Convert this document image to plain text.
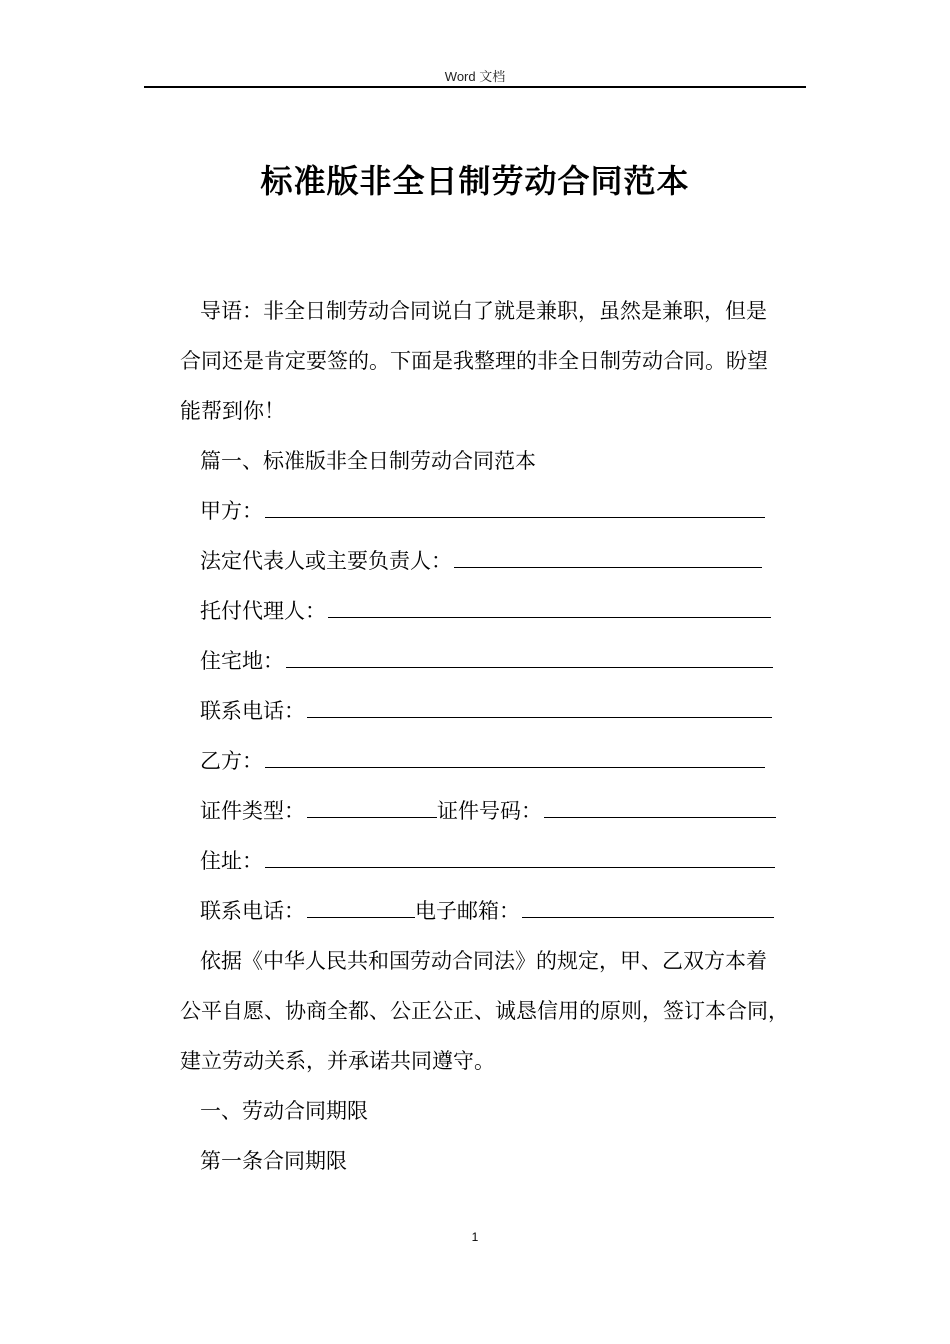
Word 文档
标准版非全日制劳动合同范本
导语：非全日制劳动合同说白了就是兼职，虽然是兼职，但是
合同还是肯定要签的。下面是我整理的非全日制劳动合同。盼望
能帮到你！
篇一、标准版非全日制劳动合同范本
甲方：
法定代表人或主要负责人：
托付代理人：
住宅地：
联系电话：
乙方：
证件类型：	证件号码：
住址：
联系电话：	电子邮箱：
依据《中华人民共和国劳动合同法》的规定，甲、乙双方本着
公平自愿、协商全都、公正公正、诚恳信用的原则，签订本合同，
建立劳动关系，并承诺共同遵守。
一、劳动合同期限
第一条合同期限
1
